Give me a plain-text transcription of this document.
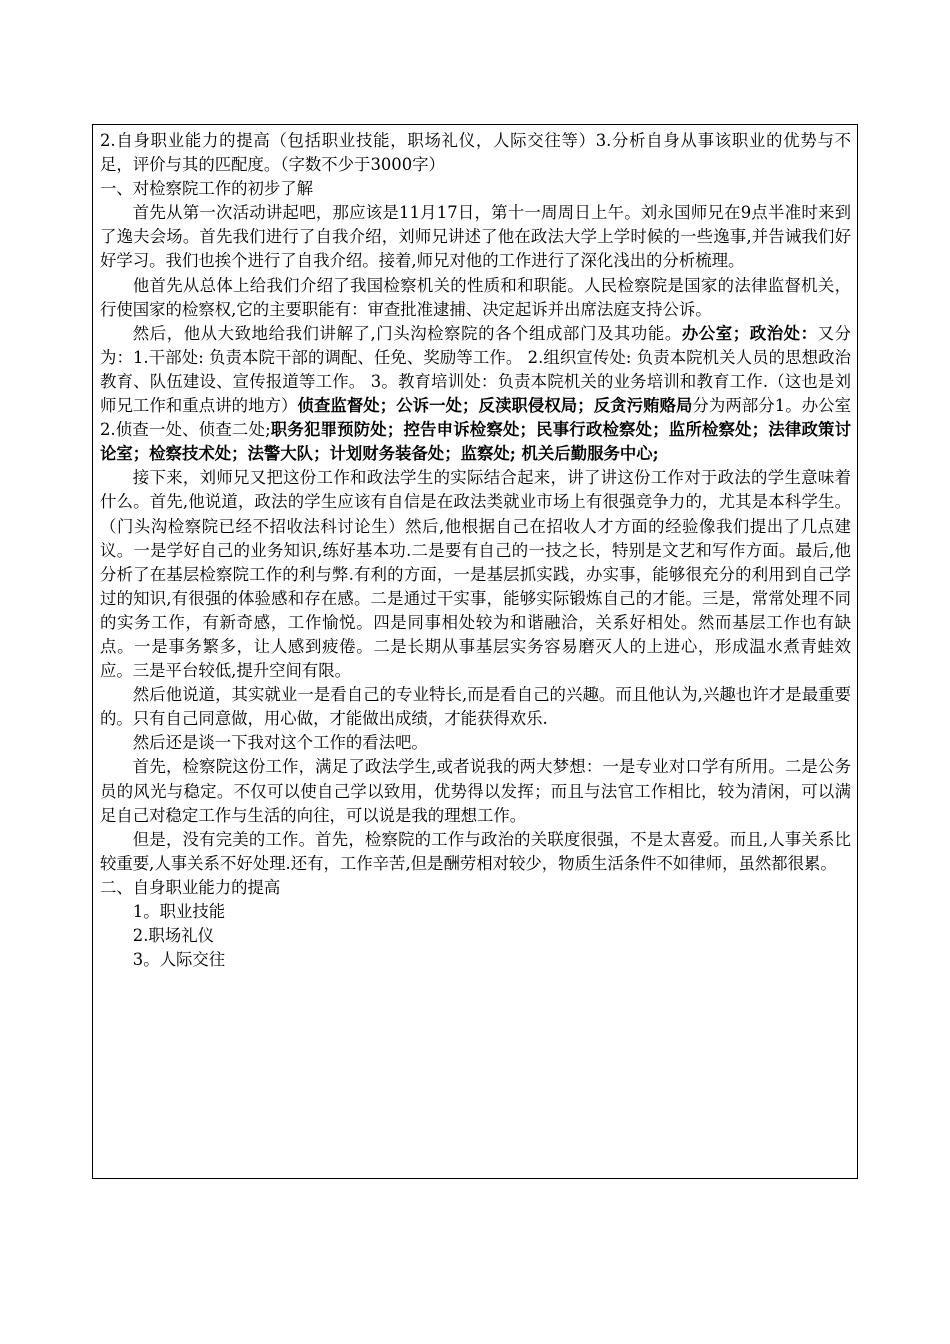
2.自身职业能力的提高（包括职业技能，职场礼仪，人际交往等）3.分析自身从事该职业的优势与不足，评价与其的匹配度。（字数不少于3000字）

一、对检察院工作的初步了解

首先从第一次活动讲起吧，那应该是11月17日，第十一周周日上午。刘永国师兄在9点半准时来到了逸夫会场。首先我们进行了自我介绍，刘师兄讲述了他在政法大学上学时候的一些逸事,并告诫我们好好学习。我们也挨个进行了自我介绍。接着,师兄对他的工作进行了深化浅出的分析梳理。

他首先从总体上给我们介绍了我国检察机关的性质和和职能。人民检察院是国家的法律监督机关，行使国家的检察权,它的主要职能有：审查批准逮捕、决定起诉并出席法庭支持公诉。

然后，他从大致地给我们讲解了,门头沟检察院的各个组成部门及其功能。办公室；政治处：又分为：1.干部处: 负责本院干部的调配、任免、奖励等工作。 2.组织宣传处: 负责本院机关人员的思想政治教育、队伍建设、宣传报道等工作。 3。教育培训处：负责本院机关的业务培训和教育工作.（这也是刘师兄工作和重点讲的地方）侦查监督处；公诉一处；反渎职侵权局；反贪污贿赂局分为两部分1。办公室2.侦查一处、侦查二处;职务犯罪预防处；控告申诉检察处；民事行政检察处；监所检察处；法律政策讨论室；检察技术处；法警大队；计划财务装备处；监察处; 机关后勤服务中心;

接下来，刘师兄又把这份工作和政法学生的实际结合起来，讲了讲这份工作对于政法的学生意味着什么。首先,他说道，政法的学生应该有自信是在政法类就业市场上有很强竞争力的，尤其是本科学生。（门头沟检察院已经不招收法科讨论生）然后,他根据自己在招收人才方面的经验像我们提出了几点建议。一是学好自己的业务知识,练好基本功.二是要有自己的一技之长，特别是文艺和写作方面。最后,他分析了在基层检察院工作的利与弊.有利的方面，一是基层抓实践，办实事，能够很充分的利用到自己学过的知识,有很强的体验感和存在感。二是通过干实事，能够实际锻炼自己的才能。三是，常常处理不同的实务工作，有新奇感，工作愉悦。四是同事相处较为和谐融洽，关系好相处。然而基层工作也有缺点。一是事务繁多，让人感到疲倦。二是长期从事基层实务容易磨灭人的上进心，形成温水煮青蛙效应。三是平台较低,提升空间有限。

然后他说道，其实就业一是看自己的专业特长,而是看自己的兴趣。而且他认为,兴趣也许才是最重要的。只有自己同意做，用心做，才能做出成绩，才能获得欢乐.

然后还是谈一下我对这个工作的看法吧。

首先，检察院这份工作，满足了政法学生,或者说我的两大梦想：一是专业对口学有所用。二是公务员的风光与稳定。不仅可以使自己学以致用，优势得以发挥；而且与法官工作相比，较为清闲，可以满足自己对稳定工作与生活的向往，可以说是我的理想工作。

但是，没有完美的工作。首先，检察院的工作与政治的关联度很强，不是太喜爱。而且,人事关系比较重要,人事关系不好处理.还有，工作辛苦,但是酬劳相对较少，物质生活条件不如律师，虽然都很累。

二、自身职业能力的提高

1。职业技能

2.职场礼仪

3。人际交往
